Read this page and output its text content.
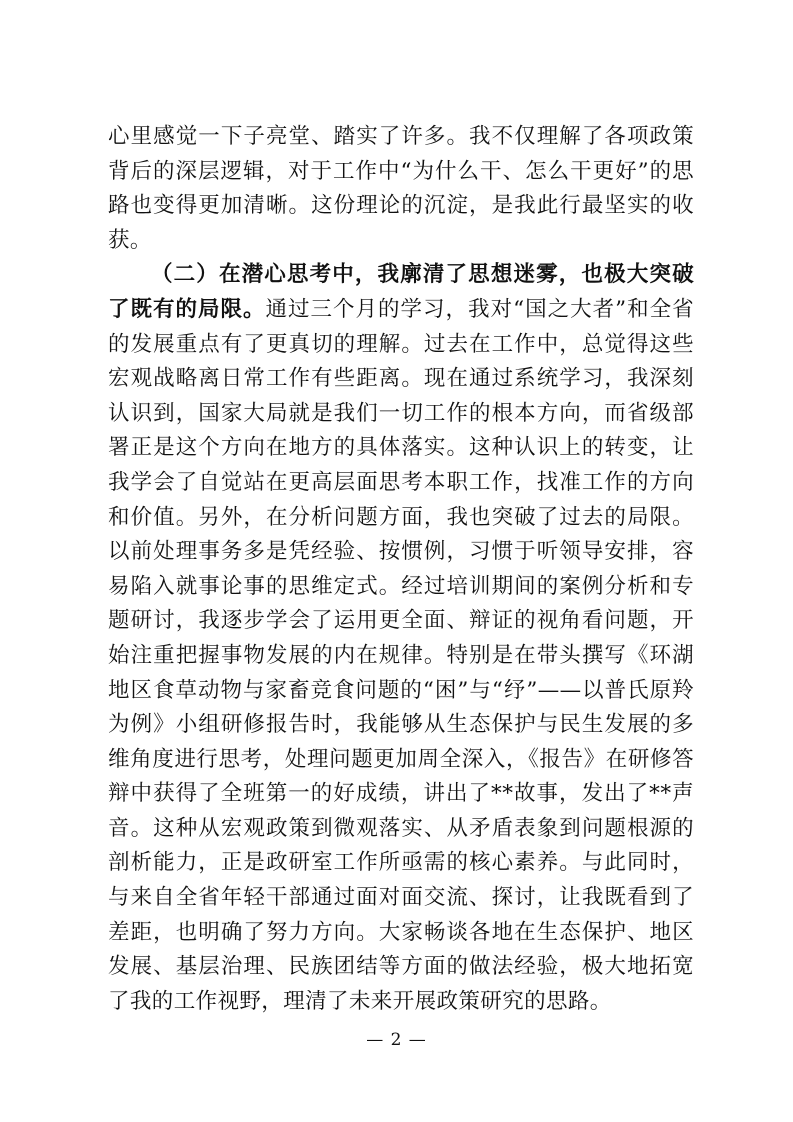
心里感觉一下子亮堂、踏实了许多。我不仅理解了各项政策背后的深层逻辑，对于工作中“为什么干、怎么干更好”的思路也变得更加清晰。这份理论的沉淀，是我此行最坚实的收获。

（二）在潜心思考中，我廓清了思想迷雾，也极大突破了既有的局限。通过三个月的学习，我对“国之大者”和全省的发展重点有了更真切的理解。过去在工作中，总觉得这些宏观战略离日常工作有些距离。现在通过系统学习，我深刻认识到，国家大局就是我们一切工作的根本方向，而省级部署正是这个方向在地方的具体落实。这种认识上的转变，让我学会了自觉站在更高层面思考本职工作，找准工作的方向和价值。另外，在分析问题方面，我也突破了过去的局限。以前处理事务多是凭经验、按惯例，习惯于听领导安排，容易陷入就事论事的思维定式。经过培训期间的案例分析和专题研讨，我逐步学会了运用更全面、辩证的视角看问题，开始注重把握事物发展的内在规律。特别是在带头撰写《环湖地区食草动物与家畜竞食问题的“困”与“纾”——以普氏原羚为例》小组研修报告时，我能够从生态保护与民生发展的多维角度进行思考，处理问题更加周全深入，《报告》在研修答辩中获得了全班第一的好成绩，讲出了**故事，发出了**声音。这种从宏观政策到微观落实、从矛盾表象到问题根源的剖析能力，正是政研室工作所亟需的核心素养。与此同时，与来自全省年轻干部通过面对面交流、探讨，让我既看到了差距，也明确了努力方向。大家畅谈各地在生态保护、地区发展、基层治理、民族团结等方面的做法经验，极大地拓宽了我的工作视野，理清了未来开展政策研究的思路。

— 2 —
